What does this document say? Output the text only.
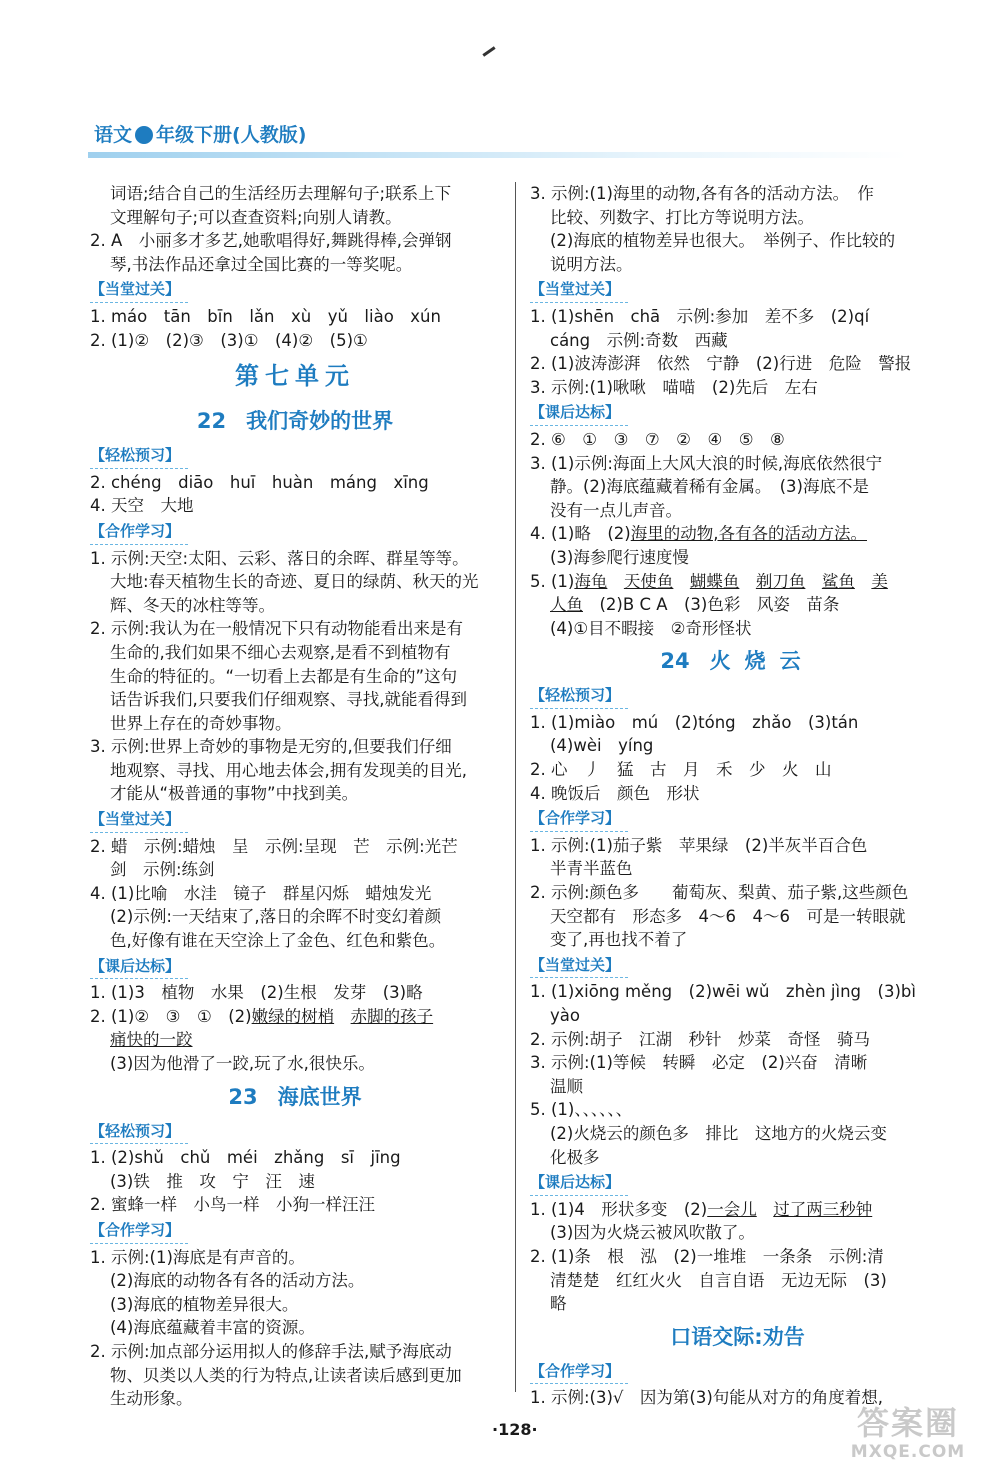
语文 年级下册(人教版)
词语;结合自己的生活经历去理解句子;联系上下
文理解句子;可以查查资料;向别人请教。
2. A　小丽多才多艺,她歌唱得好,舞跳得棒,会弹钢
琴,书法作品还拿过全国比赛的一等奖呢。
【 当堂过关 】
1. máo　tān　bīn　lǎn　xù　yǔ　liào　xún
2. (1)②　(2)③　(3)①　(4)②　(5)①
第七单元
22 我们奇妙的世界
【 轻松预习 】
2. chéng　diāo　huī　huàn　máng　xīng
4. 天空　大地
【 合作学习 】
1. 示例:天空:太阳、云彩、落日的余晖、群星等等。
大地:春天植物生长的奇迹、夏日的绿荫、秋天的光
辉、冬天的冰柱等等。
2. 示例:我认为在一般情况下只有动物能看出来是有
生命的,我们如果不细心去观察,是看不到植物有
生命的特征的。“一切看上去都是有生命的”这句
话告诉我们,只要我们仔细观察、寻找,就能看得到
世界上存在的奇妙事物。
3. 示例:世界上奇妙的事物是无穷的,但要我们仔细
地观察、寻找、用心地去体会,拥有发现美的目光,
才能从“极普通的事物”中找到美。
【 当堂过关 】
2. 蜡　示例:蜡烛　呈　示例:呈现　芒　示例:光芒
剑　示例:练剑
4. (1)比喻　水洼　镜子　群星闪烁　蜡烛发光
(2)示例:一天结束了,落日的余晖不时变幻着颜
色,好像有谁在天空涂上了金色、红色和紫色。
【 课后达标 】
1. (1)3　植物　水果　(2)生根　发芽　(3)略
2. (1)②　③　①　(2)嫩绿的树梢　 赤脚的孩子
痛快的一跤
(3)因为他滑了一跤,玩了水,很快乐。
23 海底世界
【 轻松预习 】
1. (2)shǔ　chǔ　méi　zhǎng　sī　jīng
(3)铁　推　攻　宁　汪　速
2. 蜜蜂一样　小鸟一样　小狗一样汪汪
【 合作学习 】
1. 示例:(1)海底是有声音的。
(2)海底的动物各有各的活动方法。
(3)海底的植物差异很大。
(4)海底蕴藏着丰富的资源。
2. 示例:加点部分运用拟人的修辞手法,赋予海底动
物、贝类以人类的行为特点,让读者读后感到更加
生动形象。
3. 示例:(1)海里的动物,各有各的活动方法。　作
比较、列数字、打比方等说明方法。
(2)海底的植物差异也很大。　举例子、作比较的
说明方法。
【 当堂过关 】
1. (1)shēn　chā　示例:参加　差不多　(2)qí
cáng　示例:奇数　西藏
2. (1)波涛澎湃　依然　宁静　(2)行进　危险　警报
3. 示例:(1)啾啾　喵喵　(2)先后　左右
【 课后达标 】
2. ⑥　①　③　⑦　②　④　⑤　⑧
3. (1)示例:海面上大风大浪的时候,海底依然很宁
静。(2)海底蕴藏着稀有金属。　(3)海底不是
没有一点儿声音。
4. (1)略　(2)海里的动物,各有各的活动方法。
(3)海参爬行速度慢
5. (1)海龟　 天使鱼　 蝴蝶鱼　 剃刀鱼　 鲨鱼　 美
人鱼　(2)B C A　(3)色彩　风姿　苗条
(4)①目不暇接　②奇形怪状
24 火烧云
【 轻松预习 】
1. (1)miào　mú　(2)tóng　zhǎo　(3)tán
(4)wèi　yíng
2. 心　丿　猛　古　月　禾　少　火　山
4. 晚饭后　颜色　形状
【 合作学习 】
1. 示例:(1)茄子紫　苹果绿　(2)半灰半百合色
半青半蓝色
2. 示例:颜色多　　葡萄灰、梨黄、茄子紫,这些颜色
天空都有　形态多　4～6　4～6　可是一转眼就
变了,再也找不着了
【 当堂过关 】
1. (1)xiōng měng　(2)wēi wǔ　zhèn jìng　(3)bì
yào
2. 示例:胡子　江湖　秒针　炒菜　奇怪　骑马
3. 示例:(1)等候　转瞬　必定　(2)兴奋　清晰
温顺
5. (1)、、、、、、
(2)火烧云的颜色多　排比　这地方的火烧云变
化极多
【 课后达标 】
1. (1)4　形状多变　(2)一会儿　 过了两三秒钟
(3)因为火烧云被风吹散了。
2. (1)条　根　泓　(2)一堆堆　一条条　示例:清
清楚楚　红红火火　自言自语　无边无际　(3)
略
口语交际:劝告
【 合作学习 】
1. 示例:(3)√　因为第(3)句能从对方的角度着想,
·128·	答案圈
MXQE.COM
